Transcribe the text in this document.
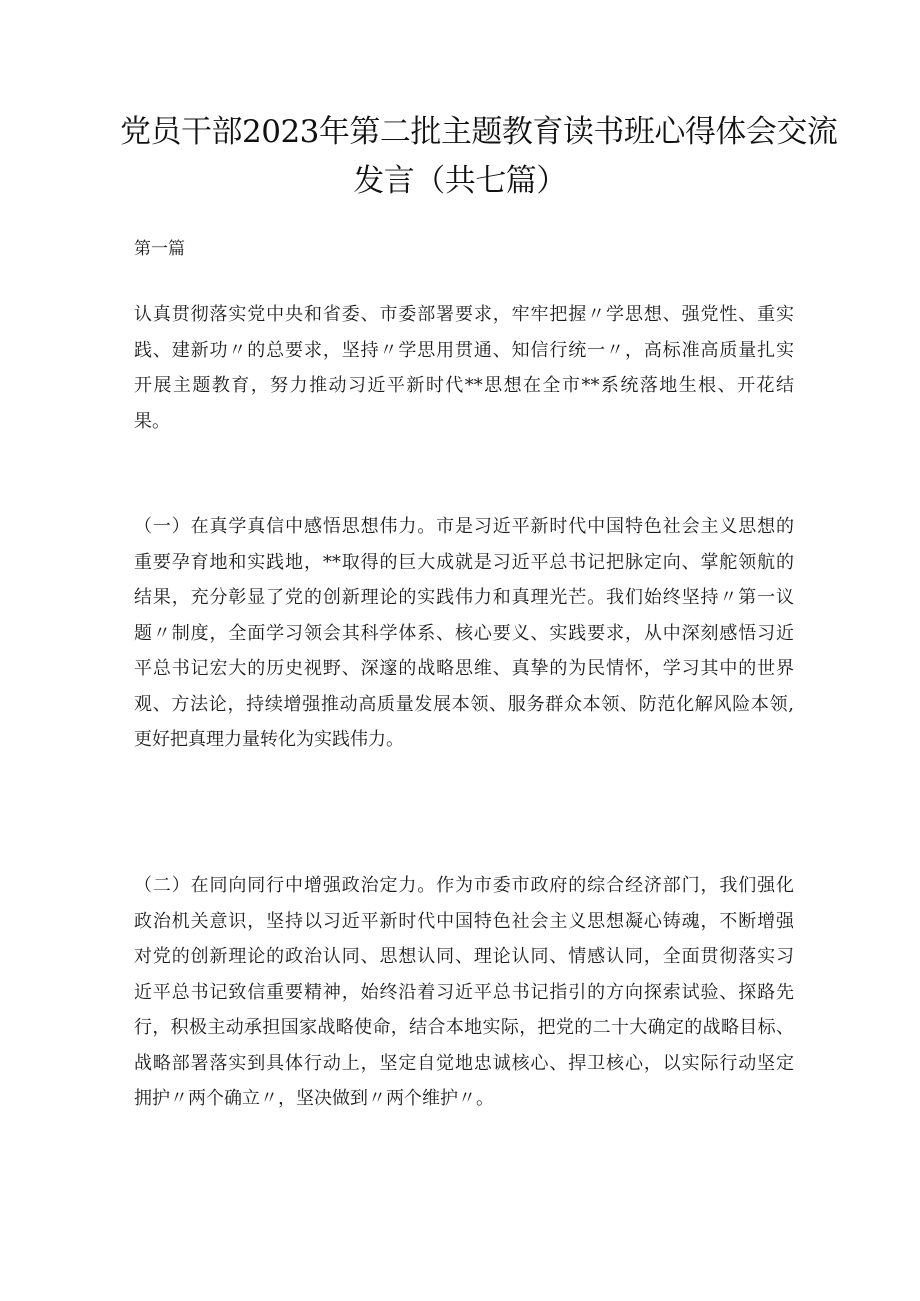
党员干部2023年第二批主题教育读书班心得体会交流
发言（共七篇）

第一篇

认真贯彻落实党中央和省委、市委部署要求，牢牢把握〃学思想、强党性、重实
践、建新功〃的总要求，坚持〃学思用贯通、知信行统一〃，高标准高质量扎实
开展主题教育，努力推动习近平新时代**思想在全市**系统落地生根、开花结
果。
（一）在真学真信中感悟思想伟力。市是习近平新时代中国特色社会主义思想的
重要孕育地和实践地，**取得的巨大成就是习近平总书记把脉定向、掌舵领航的
结果，充分彰显了党的创新理论的实践伟力和真理光芒。我们始终坚持〃第一议
题〃制度，全面学习领会其科学体系、核心要义、实践要求，从中深刻感悟习近
平总书记宏大的历史视野、深邃的战略思维、真挚的为民情怀，学习其中的世界
观、方法论，持续增强推动高质量发展本领、服务群众本领、防范化解风险本领,
更好把真理力量转化为实践伟力。
（二）在同向同行中增强政治定力。作为市委市政府的综合经济部门，我们强化
政治机关意识，坚持以习近平新时代中国特色社会主义思想凝心铸魂，不断增强
对党的创新理论的政治认同、思想认同、理论认同、情感认同，全面贯彻落实习
近平总书记致信重要精神，始终沿着习近平总书记指引的方向探索试验、探路先
行，积极主动承担国家战略使命，结合本地实际，把党的二十大确定的战略目标、
战略部署落实到具体行动上，坚定自觉地忠诚核心、捍卫核心，以实际行动坚定
拥护〃两个确立〃，坚决做到〃两个维护〃。
